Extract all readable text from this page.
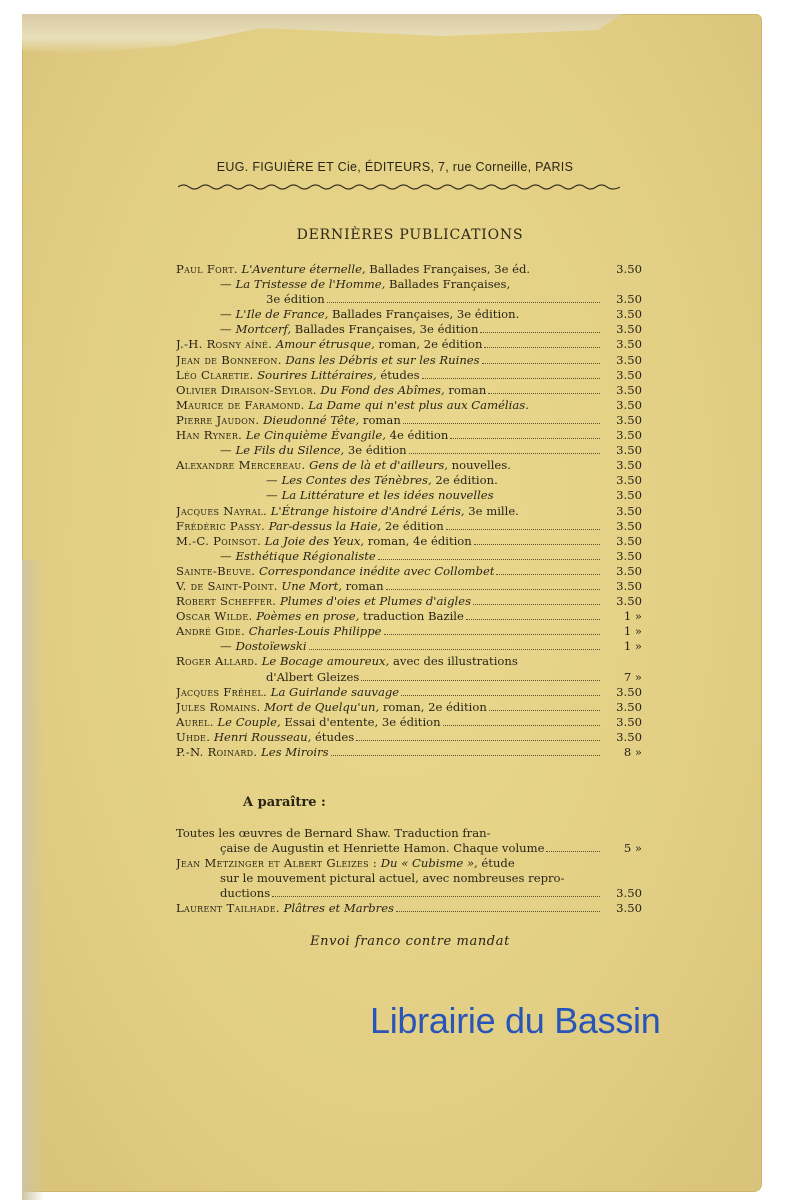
EUG. FIGUIÈRE ET Cie, ÉDITEURS, 7, rue Corneille, PARIS
DERNIÈRES PUBLICATIONS
Paul Fort. L'Aventure éternelle, Ballades Françaises, 3e éd.	3.50
— La Tristesse de l'Homme, Ballades Françaises,
3e édition	3.50
— L'Ile de France, Ballades Françaises, 3e édition.	3.50
— Mortcerf, Ballades Françaises, 3e édition	3.50
J.-H. Rosny aîné. Amour étrusque, roman, 2e édition	3.50
Jean de Bonnefon. Dans les Débris et sur les Ruines	3.50
Léo Claretie. Sourires Littéraires, études	3.50
Olivier Diraison-Seylor. Du Fond des Abîmes, roman	3.50
Maurice de Faramond. La Dame qui n'est plus aux Camélias.	3.50
Pierre Jaudon. Dieudonné Tête, roman	3.50
Han Ryner. Le Cinquième Évangile, 4e édition	3.50
— Le Fils du Silence, 3e édition	3.50
Alexandre Mercereau. Gens de là et d'ailleurs, nouvelles.	3.50
— Les Contes des Ténèbres, 2e édition.	3.50
— La Littérature et les idées nouvelles	3.50
Jacques Nayral. L'Étrange histoire d'André Léris, 3e mille.	3.50
Frédéric Passy. Par-dessus la Haie, 2e édition	3.50
M.-C. Poinsot. La Joie des Yeux, roman, 4e édition	3.50
— Esthétique Régionaliste	3.50
Sainte-Beuve. Correspondance inédite avec Collombet	3.50
V. de Saint-Point. Une Mort, roman	3.50
Robert Scheffer. Plumes d'oies et Plumes d'aigles	3.50
Oscar Wilde. Poèmes en prose, traduction Bazile	1 »
André Gide. Charles-Louis Philippe	1 »
— Dostoïewski	1 »
Roger Allard. Le Bocage amoureux, avec des illustrations
d'Albert Gleizes	7 »
Jacques Fréhel. La Guirlande sauvage	3.50
Jules Romains. Mort de Quelqu'un, roman, 2e édition	3.50
Aurel. Le Couple, Essai d'entente, 3e édition	3.50
Uhde. Henri Rousseau, études	3.50
P.-N. Roinard. Les Miroirs	8 »
A paraître :
Toutes les œuvres de Bernard Shaw. Traduction fran-
çaise de Augustin et Henriette Hamon. Chaque volume	5 »
Jean Metzinger et Albert Gleizes : Du « Cubisme », étude
sur le mouvement pictural actuel, avec nombreuses repro-
ductions	3.50
Laurent Tailhade. Plâtres et Marbres	3.50
Envoi franco contre mandat
Librairie du Bassin
